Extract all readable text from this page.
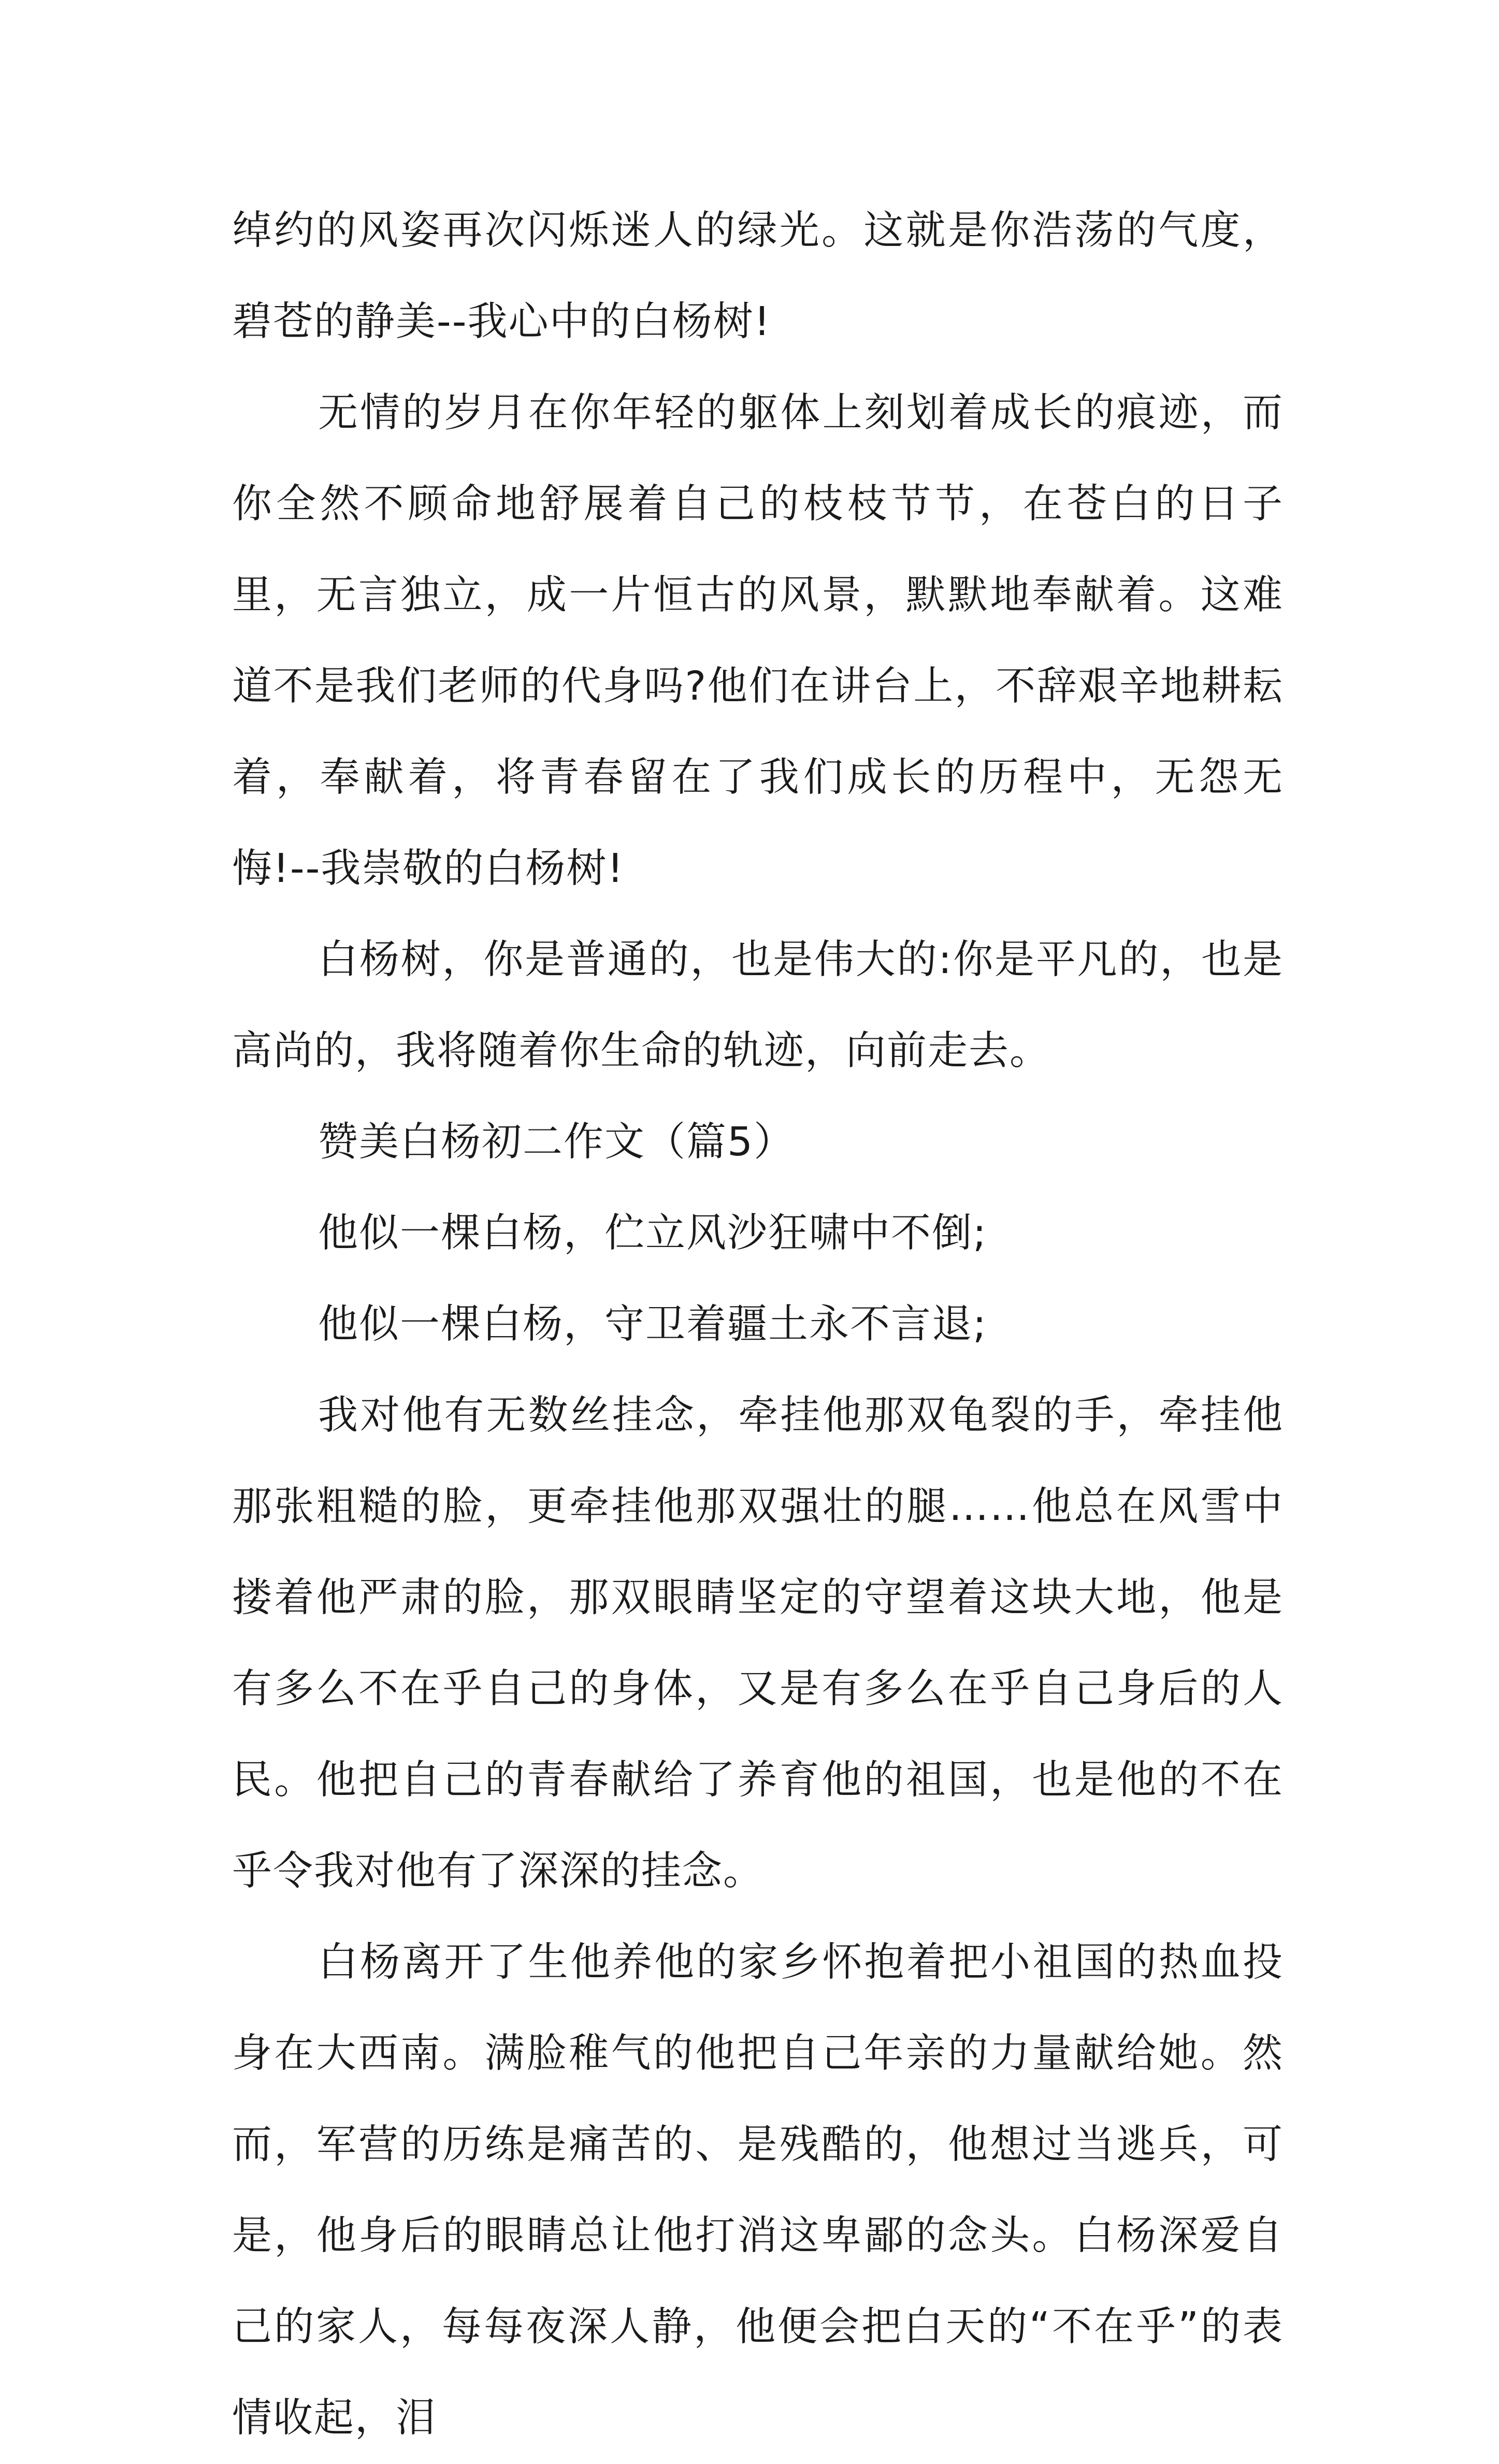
绰约的风姿再次闪烁迷人的绿光。这就是你浩荡的气度，碧苍的静美--我心中的白杨树!

无情的岁月在你年轻的躯体上刻划着成长的痕迹，而你全然不顾命地舒展着自己的枝枝节节，在苍白的日子里，无言独立，成一片恒古的风景，默默地奉献着。这难道不是我们老师的代身吗?他们在讲台上，不辞艰辛地耕耘着，奉献着，将青春留在了我们成长的历程中，无怨无悔!--我崇敬的白杨树!

白杨树，你是普通的，也是伟大的:你是平凡的，也是高尚的，我将随着你生命的轨迹，向前走去。

赞美白杨初二作文（篇5）

他似一棵白杨，伫立风沙狂啸中不倒;

他似一棵白杨，守卫着疆土永不言退;

我对他有无数丝挂念，牵挂他那双龟裂的手，牵挂他那张粗糙的脸，更牵挂他那双强壮的腿……他总在风雪中搂着他严肃的脸，那双眼睛坚定的守望着这块大地，他是有多么不在乎自己的身体，又是有多么在乎自己身后的人民。他把自己的青春献给了养育他的祖国，也是他的不在乎令我对他有了深深的挂念。

白杨离开了生他养他的家乡怀抱着把小祖国的热血投身在大西南。满脸稚气的他把自己年亲的力量献给她。然而，军营的历练是痛苦的、是残酷的，他想过当逃兵，可是，他身后的眼睛总让他打消这卑鄙的念头。白杨深爱自己的家人，每每夜深人静，他便会把白天的“不在乎”的表情收起，泪
